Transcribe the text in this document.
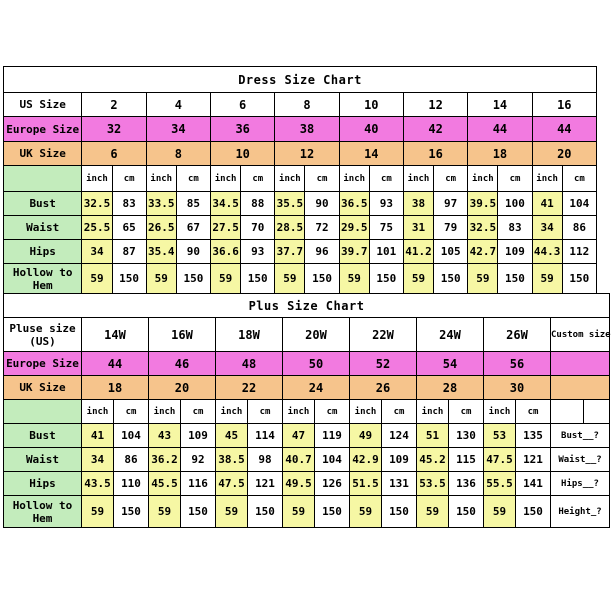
Dress Size Chart																
US Size	2		4		6		8		10		12		14		16	
Europe Size	32		34		36		38		40		42		44		44	
UK Size	6		8		10		12		14		16		18		20	
	inch	cm	inch	cm	inch	cm	inch	cm	inch	cm	inch	cm	inch	cm	inch	cm
Bust	32.5	83	33.5	85	34.5	88	35.5	90	36.5	93	38	97	39.5	100	41	104
Waist	25.5	65	26.5	67	27.5	70	28.5	72	29.5	75	31	79	32.5	83	34	86
Hips	34	87	35.4	90	36.6	93	37.7	96	39.7	101	41.2	105	42.7	109	44.3	112
Hollow to Hem	59	150	59	150	59	150	59	150	59	150	59	150	59	150	59	150
Plus Size Chart																
Pluse size (US)	14W		16W		18W		20W		22W		24W		26W		Custom size	
Europe Size	44		46		48		50		52		54		56			
UK Size	18		20		22		24		26		28		30			
	inch	cm	inch	cm	inch	cm	inch	cm	inch	cm	inch	cm	inch	cm		
Bust	41	104	43	109	45	114	47	119	49	124	51	130	53	135	Bust__?	
Waist	34	86	36.2	92	38.5	98	40.7	104	42.9	109	45.2	115	47.5	121	Waist__?	
Hips	43.5	110	45.5	116	47.5	121	49.5	126	51.5	131	53.5	136	55.5	141	Hips__?	
Hollow to Hem	59	150	59	150	59	150	59	150	59	150	59	150	59	150	Height_?	
